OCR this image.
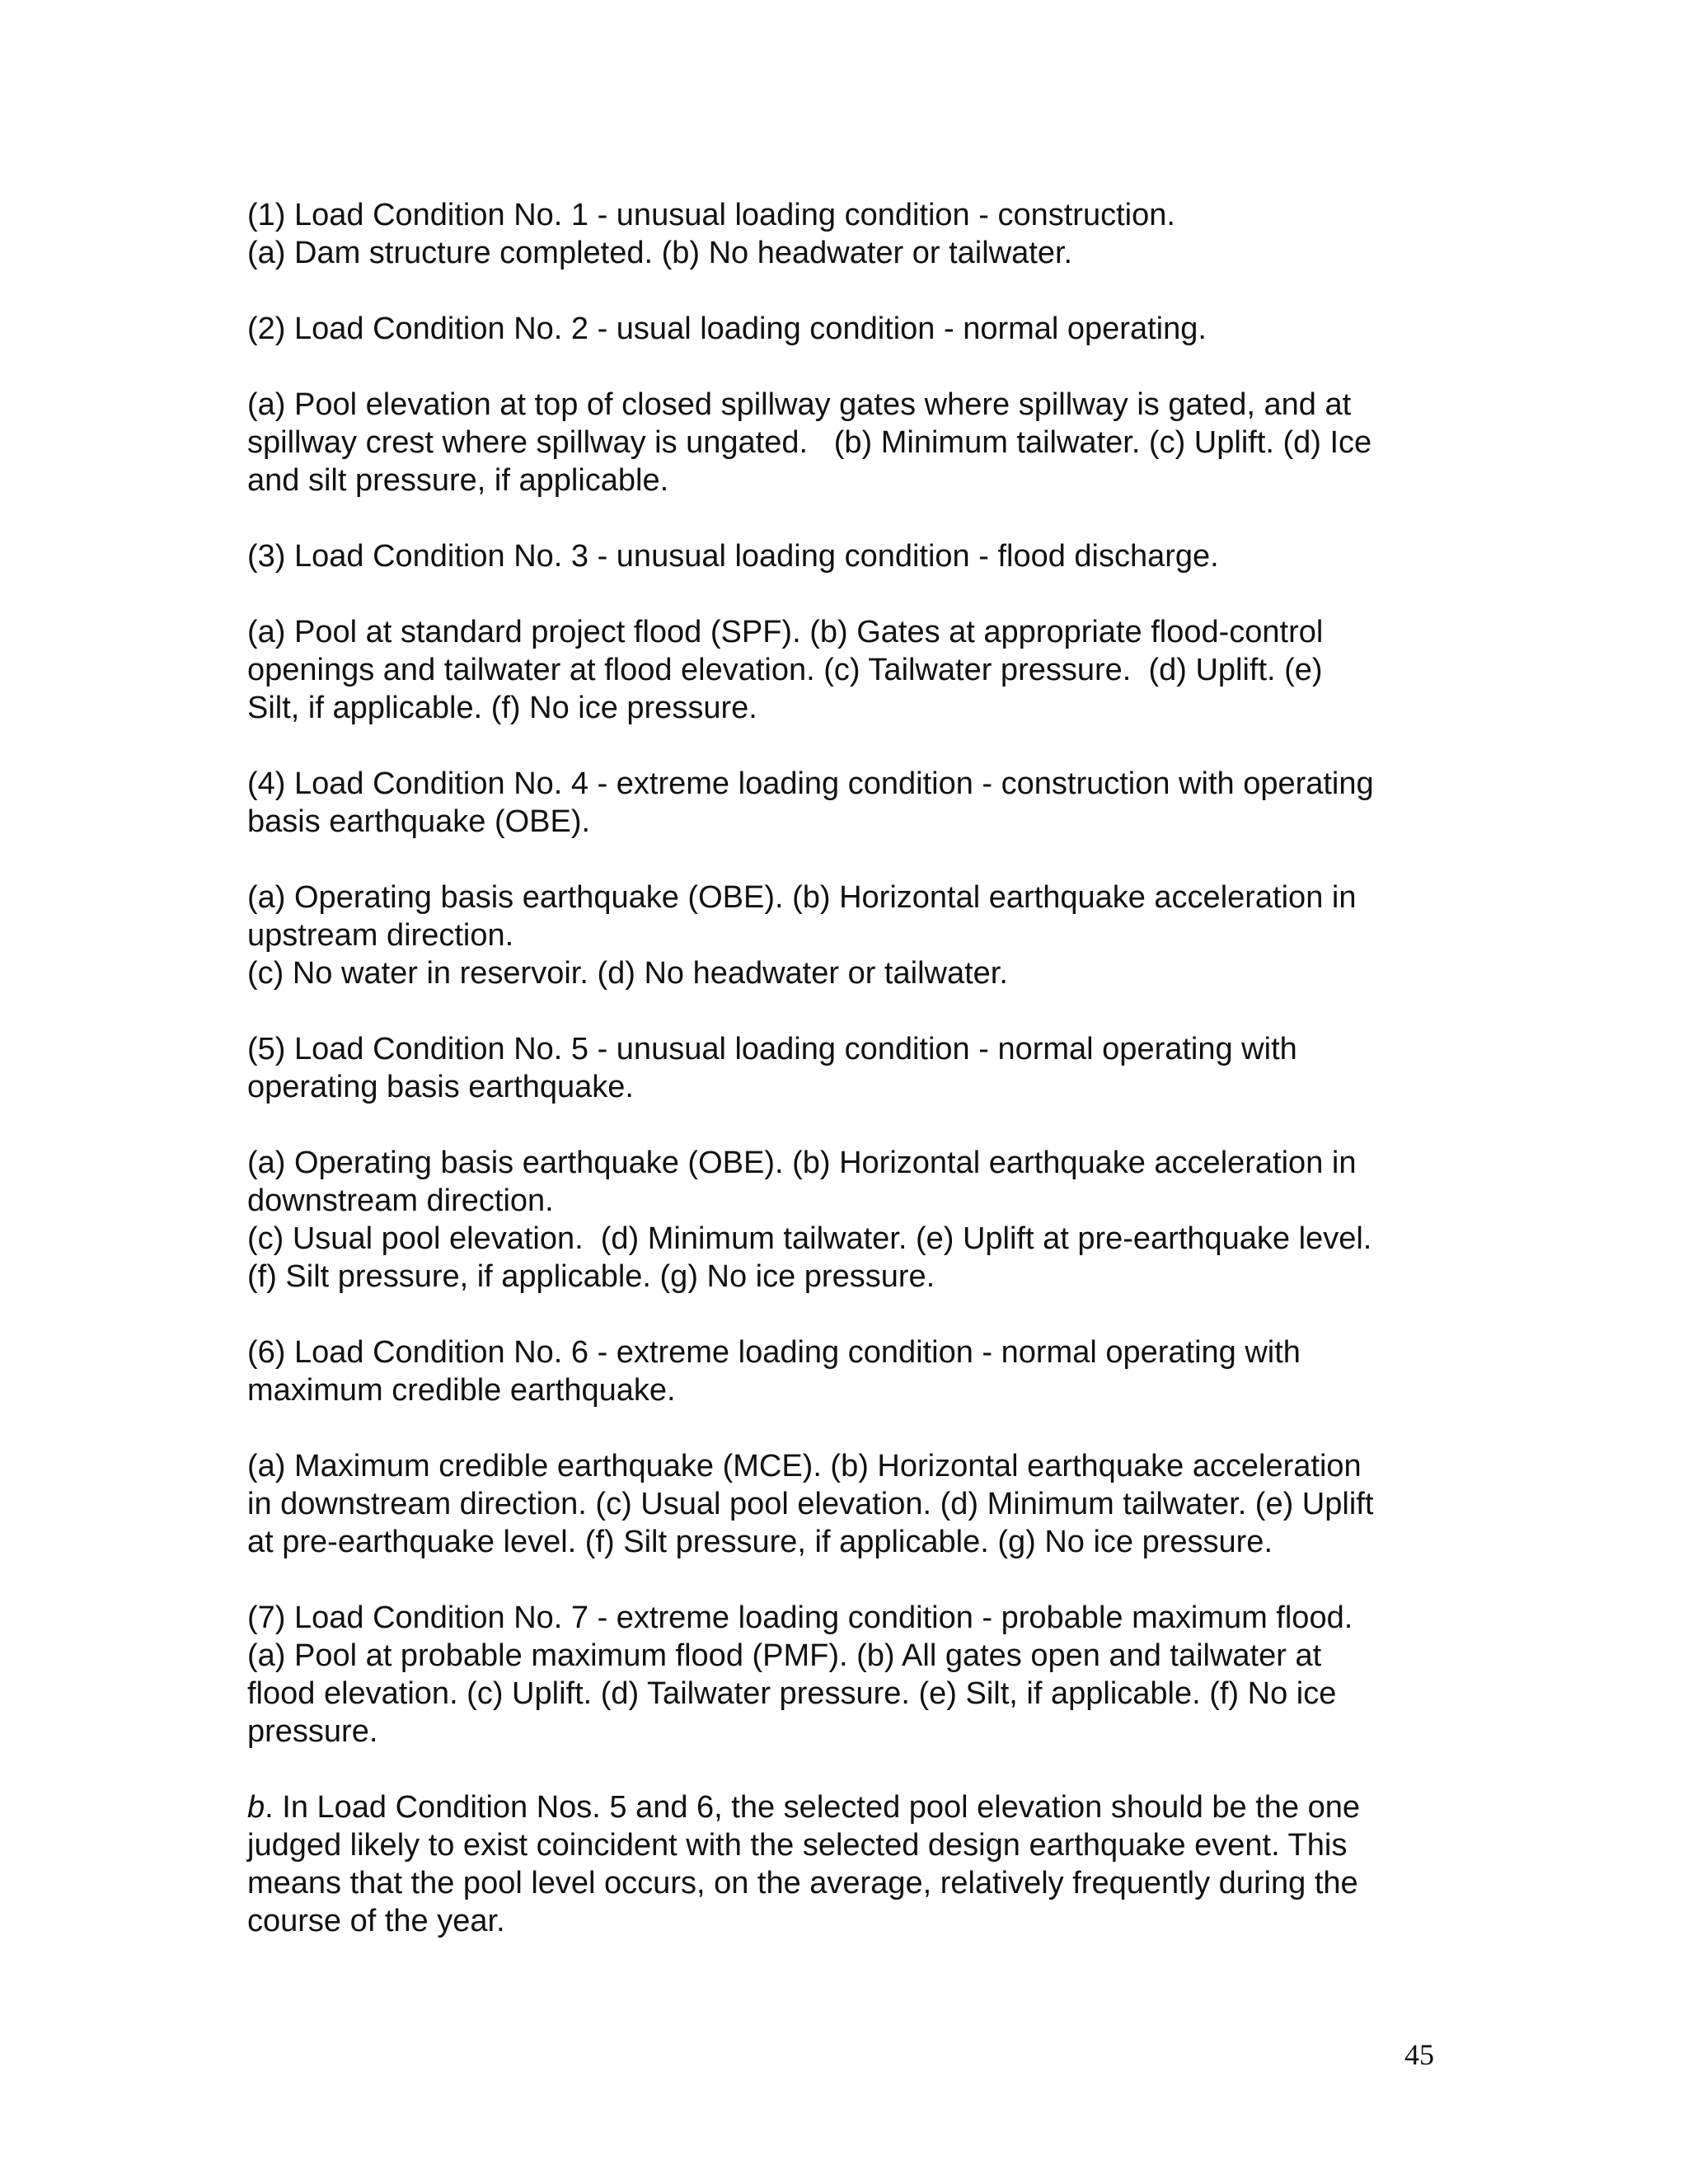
(1) Load Condition No. 1 - unusual loading condition - construction.
(a) Dam structure completed. (b) No headwater or tailwater.

(2) Load Condition No. 2 - usual loading condition - normal operating.

(a) Pool elevation at top of closed spillway gates where spillway is gated, and at
spillway crest where spillway is ungated.   (b) Minimum tailwater. (c) Uplift. (d) Ice
and silt pressure, if applicable.

(3) Load Condition No. 3 - unusual loading condition - flood discharge.

(a) Pool at standard project flood (SPF). (b) Gates at appropriate flood-control
openings and tailwater at flood elevation. (c) Tailwater pressure.  (d) Uplift. (e)
Silt, if applicable. (f) No ice pressure.

(4) Load Condition No. 4 - extreme loading condition - construction with operating
basis earthquake (OBE).

(a) Operating basis earthquake (OBE). (b) Horizontal earthquake acceleration in
upstream direction.
(c) No water in reservoir. (d) No headwater or tailwater.

(5) Load Condition No. 5 - unusual loading condition - normal operating with
operating basis earthquake.

(a) Operating basis earthquake (OBE). (b) Horizontal earthquake acceleration in
downstream direction.
(c) Usual pool elevation.  (d) Minimum tailwater. (e) Uplift at pre-earthquake level.
(f) Silt pressure, if applicable. (g) No ice pressure.

(6) Load Condition No. 6 - extreme loading condition - normal operating with
maximum credible earthquake.

(a) Maximum credible earthquake (MCE). (b) Horizontal earthquake acceleration
in downstream direction. (c) Usual pool elevation. (d) Minimum tailwater. (e) Uplift
at pre-earthquake level. (f) Silt pressure, if applicable. (g) No ice pressure.

(7) Load Condition No. 7 - extreme loading condition - probable maximum flood.
(a) Pool at probable maximum flood (PMF). (b) All gates open and tailwater at
flood elevation. (c) Uplift. (d) Tailwater pressure. (e) Silt, if applicable. (f) No ice
pressure.

b. In Load Condition Nos. 5 and 6, the selected pool elevation should be the one
judged likely to exist coincident with the selected design earthquake event. This
means that the pool level occurs, on the average, relatively frequently during the
course of the year.

45
